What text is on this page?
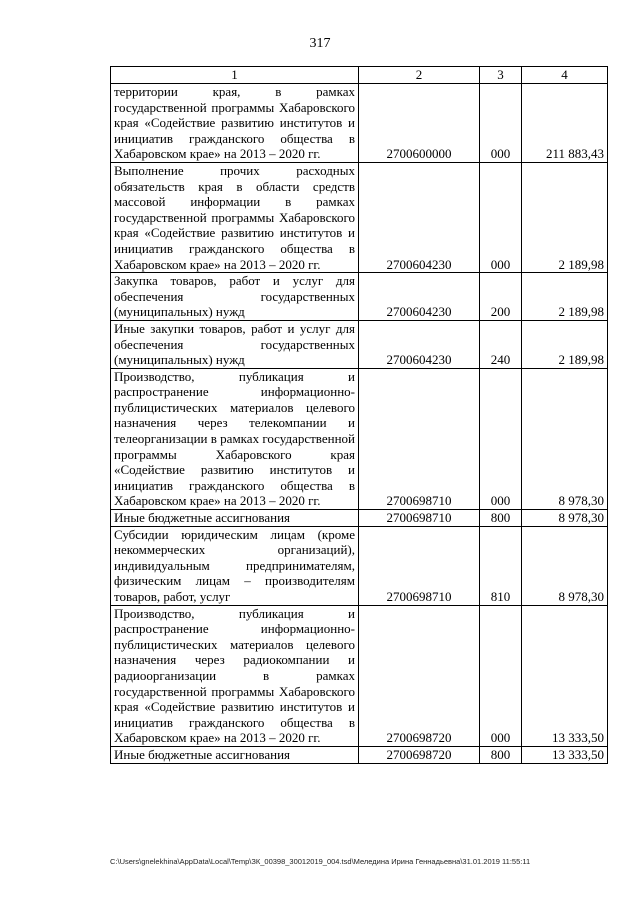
317
1	2	3	4
территории края, в рамках государственной программы Хабаровского края «Содействие развитию институтов и инициатив гражданского общества в Хабаровском крае» на 2013 – 2020 гг.	2700600000	000	211 883,43
Выполнение прочих расходных обязательств края в области средств массовой информации в рамках государственной программы Хабаровского края «Содействие развитию институтов и инициатив гражданского общества в Хабаровском крае» на 2013 – 2020 гг.	2700604230	000	2 189,98
Закупка товаров, работ и услуг для обеспечения государственных (муниципальных) нужд	2700604230	200	2 189,98
Иные закупки товаров, работ и услуг для обеспечения государственных (муниципальных) нужд	2700604230	240	2 189,98
Производство, публикация и распространение информационно-публицистических материалов целевого назначения через телекомпании и телеорганизации в рамках государственной программы Хабаровского края «Содействие развитию институтов и инициатив гражданского общества в Хабаровском крае» на 2013 – 2020 гг.	2700698710	000	8 978,30
Иные бюджетные ассигнования	2700698710	800	8 978,30
Субсидии юридическим лицам (кроме некоммерческих организаций), индивидуальным предпринимателям, физическим лицам – производителям товаров, работ, услуг	2700698710	810	8 978,30
Производство, публикация и распространение информационно-публицистических материалов целевого назначения через радиокомпании и радиоорганизации в рамках государственной программы Хабаровского края «Содействие развитию институтов и инициатив гражданского общества в Хабаровском крае» на 2013 – 2020 гг.	2700698720	000	13 333,50
Иные бюджетные ассигнования	2700698720	800	13 333,50
C:\Users\gnelekhina\AppData\Local\Temp\ЗК_00398_30012019_004.tsd\Меледина Ирина Геннадьевна\31.01.2019 11:55:11
